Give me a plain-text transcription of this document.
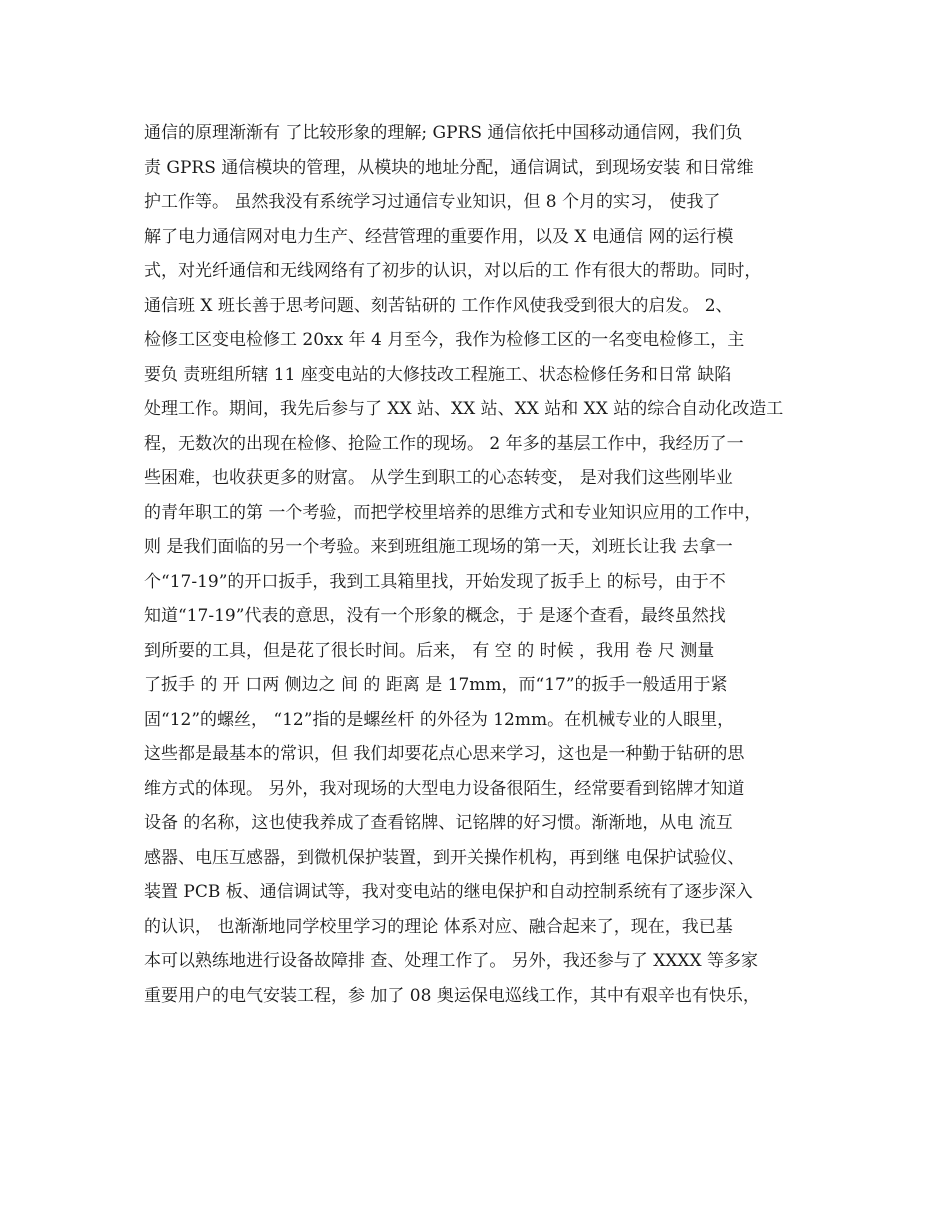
通信的原理渐渐有 了比较形象的理解; GPRS 通信依托中国移动通信网，我们负
责 GPRS 通信模块的管理，从模块的地址分配，通信调试，到现场安装 和日常维
护工作等。 虽然我没有系统学习过通信专业知识，但 8 个月的实习， 使我了
解了电力通信网对电力生产、经营管理的重要作用，以及 X 电通信 网的运行模
式，对光纤通信和无线网络有了初步的认识，对以后的工 作有很大的帮助。同时，
通信班 X 班长善于思考问题、刻苦钻研的 工作作风使我受到很大的启发。 2、
检修工区变电检修工 20xx 年 4 月至今，我作为检修工区的一名变电检修工，主
要负 责班组所辖 11 座变电站的大修技改工程施工、状态检修任务和日常 缺陷
处理工作。期间，我先后参与了 XX 站、XX 站、XX 站和 XX 站的综合自动化改造工
程，无数次的出现在检修、抢险工作的现场。 2 年多的基层工作中，我经历了一
些困难，也收获更多的财富。 从学生到职工的心态转变， 是对我们这些刚毕业
的青年职工的第 一个考验，而把学校里培养的思维方式和专业知识应用的工作中，
则 是我们面临的另一个考验。来到班组施工现场的第一天，刘班长让我 去拿一
个“17-19”的开口扳手，我到工具箱里找，开始发现了扳手上 的标号，由于不
知道“17-19”代表的意思，没有一个形象的概念，于 是逐个查看，最终虽然找
到所要的工具，但是花了很长时间。后来， 有 空 的 时候 ，我用 卷 尺 测量
了扳手 的 开 口两 侧边之 间 的 距离 是 17mm，而“17”的扳手一般适用于紧
固“12”的螺丝， “12”指的是螺丝杆 的外径为 12mm。在机械专业的人眼里，
这些都是最基本的常识，但 我们却要花点心思来学习，这也是一种勤于钻研的思
维方式的体现。 另外，我对现场的大型电力设备很陌生，经常要看到铭牌才知道
设备 的名称，这也使我养成了查看铭牌、记铭牌的好习惯。渐渐地，从电 流互
感器、电压互感器，到微机保护装置，到开关操作机构，再到继 电保护试验仪、
装置 PCB 板、通信调试等，我对变电站的继电保护和自动控制系统有了逐步深入
的认识， 也渐渐地同学校里学习的理论 体系对应、融合起来了，现在，我已基
本可以熟练地进行设备故障排 查、处理工作了。 另外，我还参与了 XXXX 等多家
重要用户的电气安装工程，参 加了 08 奥运保电巡线工作，其中有艰辛也有快乐，
